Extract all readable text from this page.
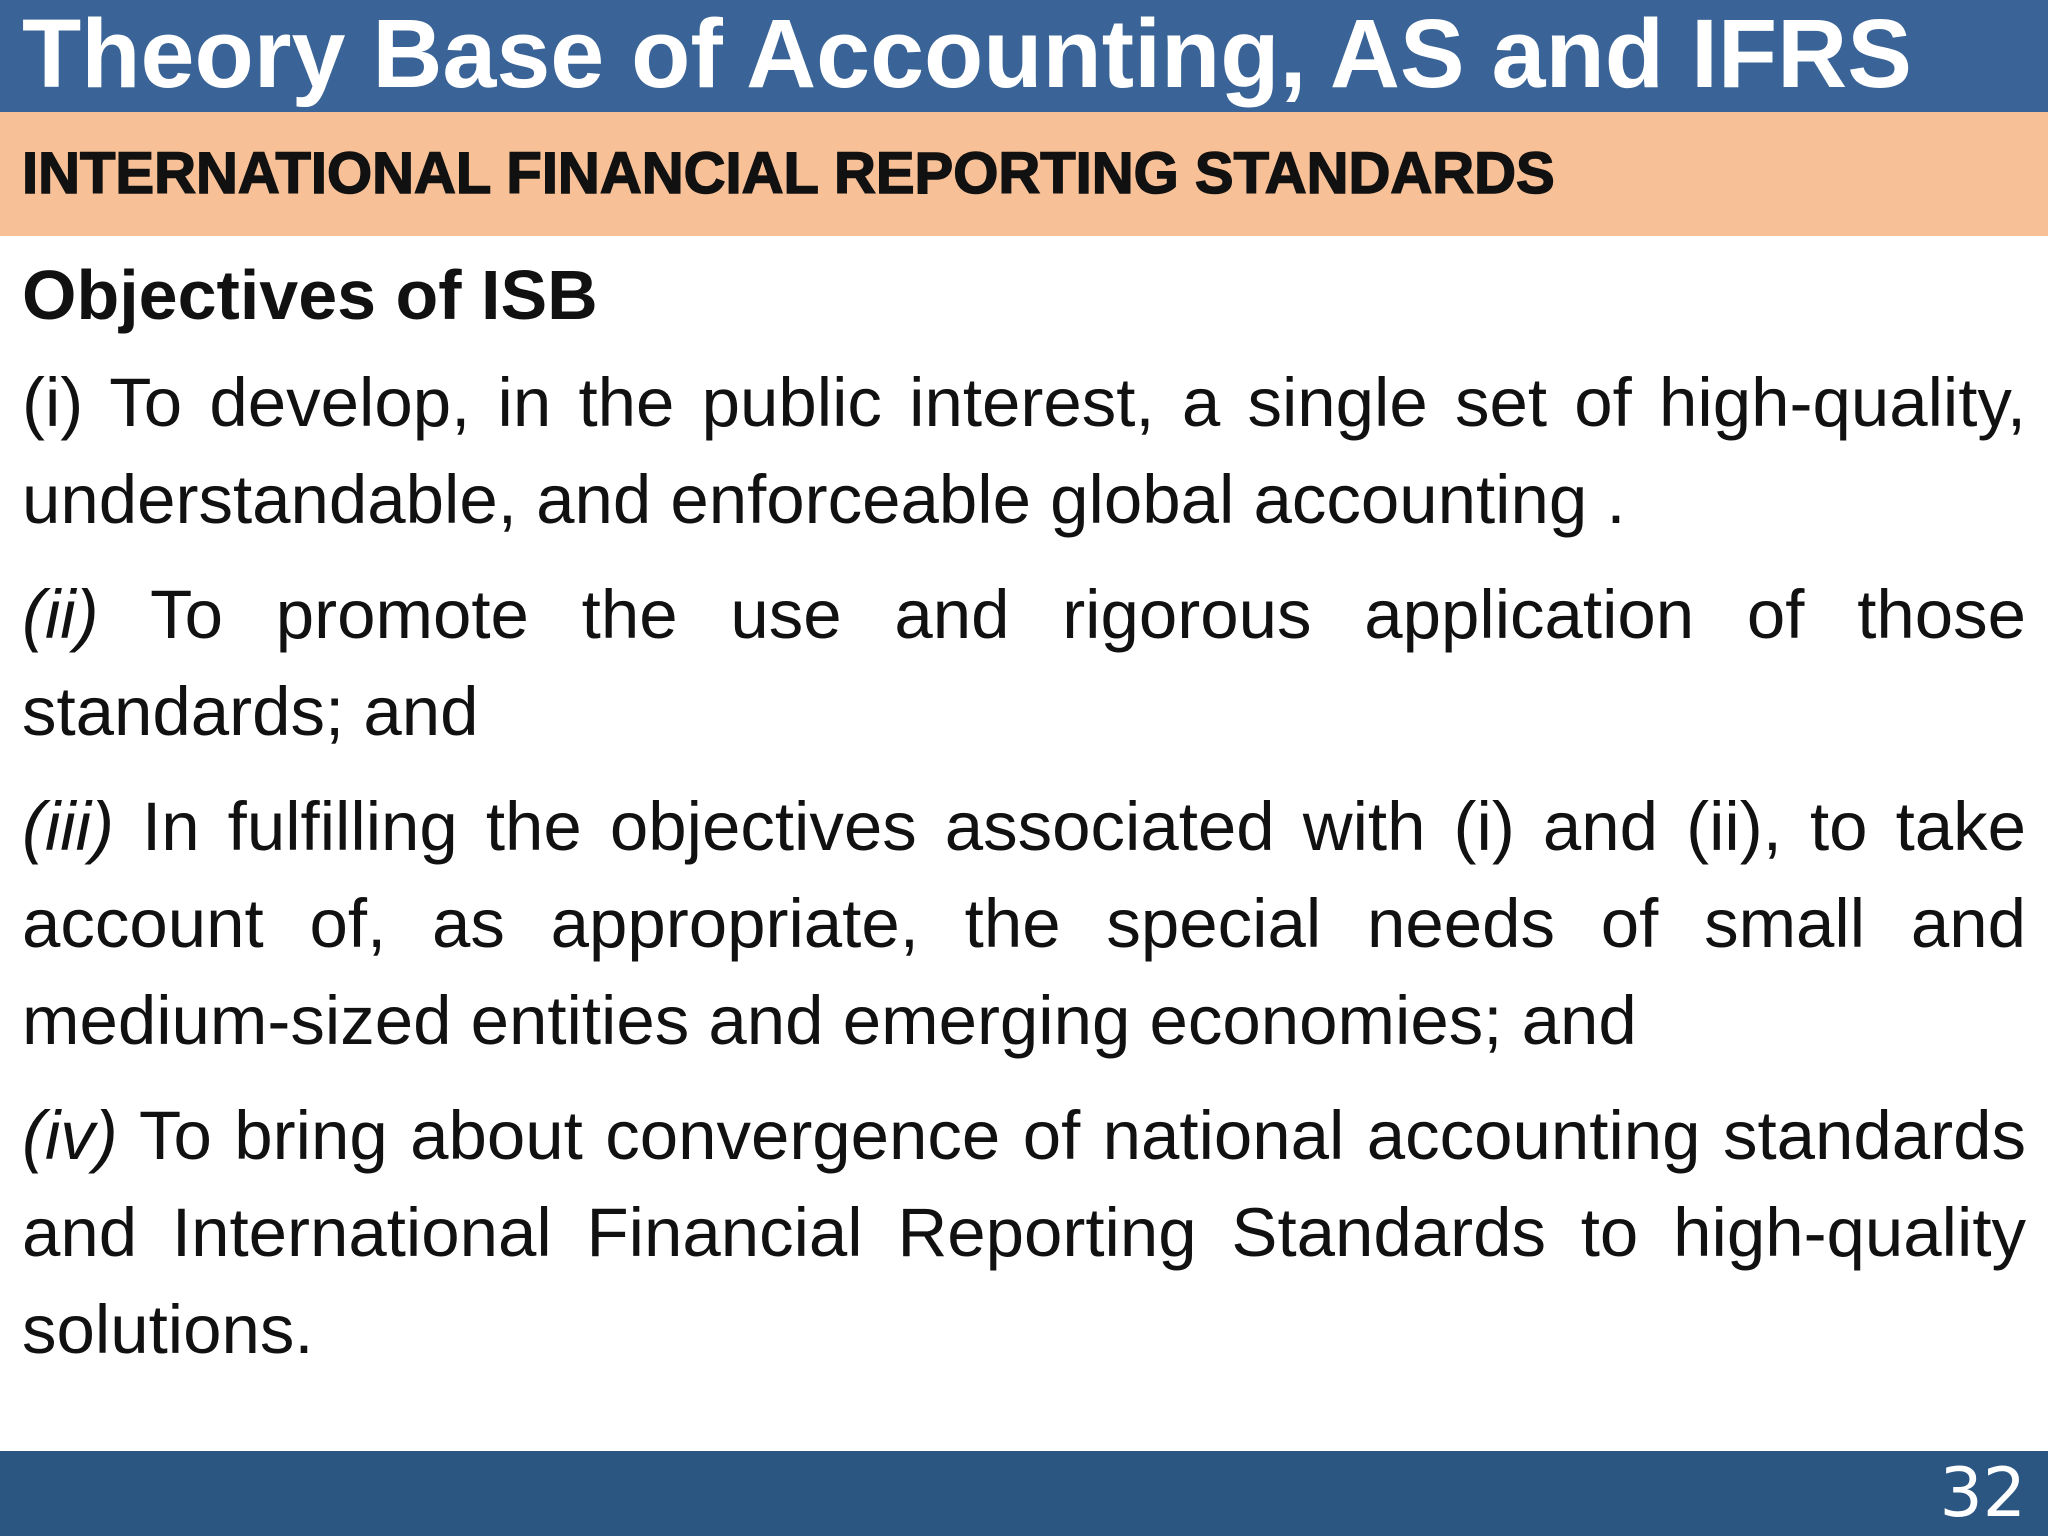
Theory Base of Accounting, AS and IFRS
INTERNATIONAL FINANCIAL REPORTING STANDARDS
Objectives of ISB
(i) To develop, in the public interest, a single set of high-quality, understandable, and enforceable global accounting .
(ii) To promote the use and rigorous application of those standards; and
(iii) In fulfilling the objectives associated with (i) and (ii), to take account of, as appropriate, the special needs of small and medium-sized entities and emerging economies; and
(iv) To bring about convergence of national accounting standards and International Financial Reporting Standards to high-quality solutions.
32
